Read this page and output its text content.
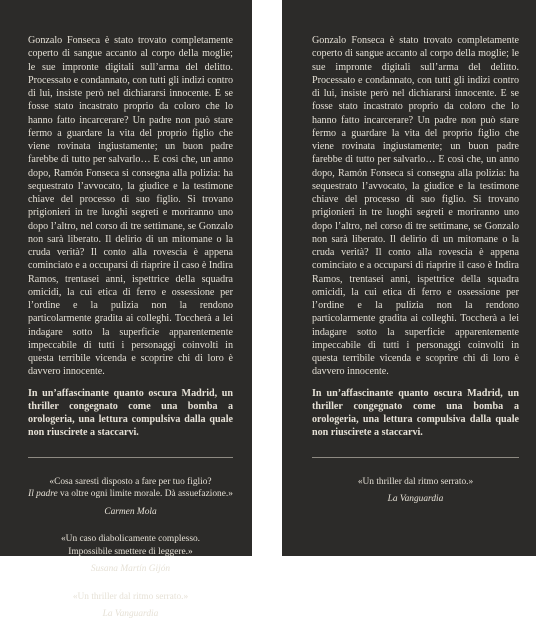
Gonzalo Fonseca è stato trovato completamente coperto di sangue accanto al corpo della moglie; le sue impronte digitali sull’arma del delitto. Processato e condannato, con tutti gli indizi contro di lui, insiste però nel dichiararsi innocente. E se fosse stato incastrato proprio da coloro che lo hanno fatto incarcerare? Un padre non può stare fermo a guardare la vita del proprio figlio che viene rovinata ingiustamente; un buon padre farebbe di tutto per salvarlo… E così che, un anno dopo, Ramón Fonseca si consegna alla polizia: ha sequestrato l’avvocato, la giudice e la testimone chiave del processo di suo figlio. Si trovano prigionieri in tre luoghi segreti e moriranno uno dopo l’altro, nel corso di tre settimane, se Gonzalo non sarà liberato. Il delirio di un mitomane o la cruda verità? Il conto alla rovescia è appena cominciato e a occuparsi di riaprire il caso è Indira Ramos, trentasei anni, ispettrice della squadra omicidi, la cui etica di ferro e ossessione per l’ordine e la pulizia non la rendono particolarmente gradita ai colleghi. Toccherà a lei indagare sotto la superficie apparentemente impeccabile di tutti i personaggi coinvolti in questa terribile vicenda e scoprire chi di loro è davvero innocente.

In un’affascinante quanto oscura Madrid, un thriller congegnato come una bomba a orologeria, una lettura compulsiva dalla quale non riuscirete a staccarvi.

«Cosa saresti disposto a fare per tuo figlio?
Il padre va oltre ogni limite morale. Dà assuefazione.»
Carmen Mola
«Un caso diabolicamente complesso.
Impossibile smettere di leggere.»
Susana Martín Gijón
«Un thriller dal ritmo serrato.»
La Vanguardia

Gonzalo Fonseca è stato trovato completamente coperto di sangue accanto al corpo della moglie; le sue impronte digitali sull’arma del delitto. Processato e condannato, con tutti gli indizi contro di lui, insiste però nel dichiararsi innocente. E se fosse stato incastrato proprio da coloro che lo hanno fatto incarcerare? Un padre non può stare fermo a guardare la vita del proprio figlio che viene rovinata ingiustamente; un buon padre farebbe di tutto per salvarlo… E così che, un anno dopo, Ramón Fonseca si consegna alla polizia: ha sequestrato l’avvocato, la giudice e la testimone chiave del processo di suo figlio. Si trovano prigionieri in tre luoghi segreti e moriranno uno dopo l’altro, nel corso di tre settimane, se Gonzalo non sarà liberato. Il delirio di un mitomane o la cruda verità? Il conto alla rovescia è appena cominciato e a occuparsi di riaprire il caso è Indira Ramos, trentasei anni, ispettrice della squadra omicidi, la cui etica di ferro e ossessione per l’ordine e la pulizia non la rendono particolarmente gradita ai colleghi. Toccherà a lei indagare sotto la superficie apparentemente impeccabile di tutti i personaggi coinvolti in questa terribile vicenda e scoprire chi di loro è davvero innocente.

In un’affascinante quanto oscura Madrid, un thriller congegnato come una bomba a orologeria, una lettura compulsiva dalla quale non riuscirete a staccarvi.

«Un thriller dal ritmo serrato.»
La Vanguardia
